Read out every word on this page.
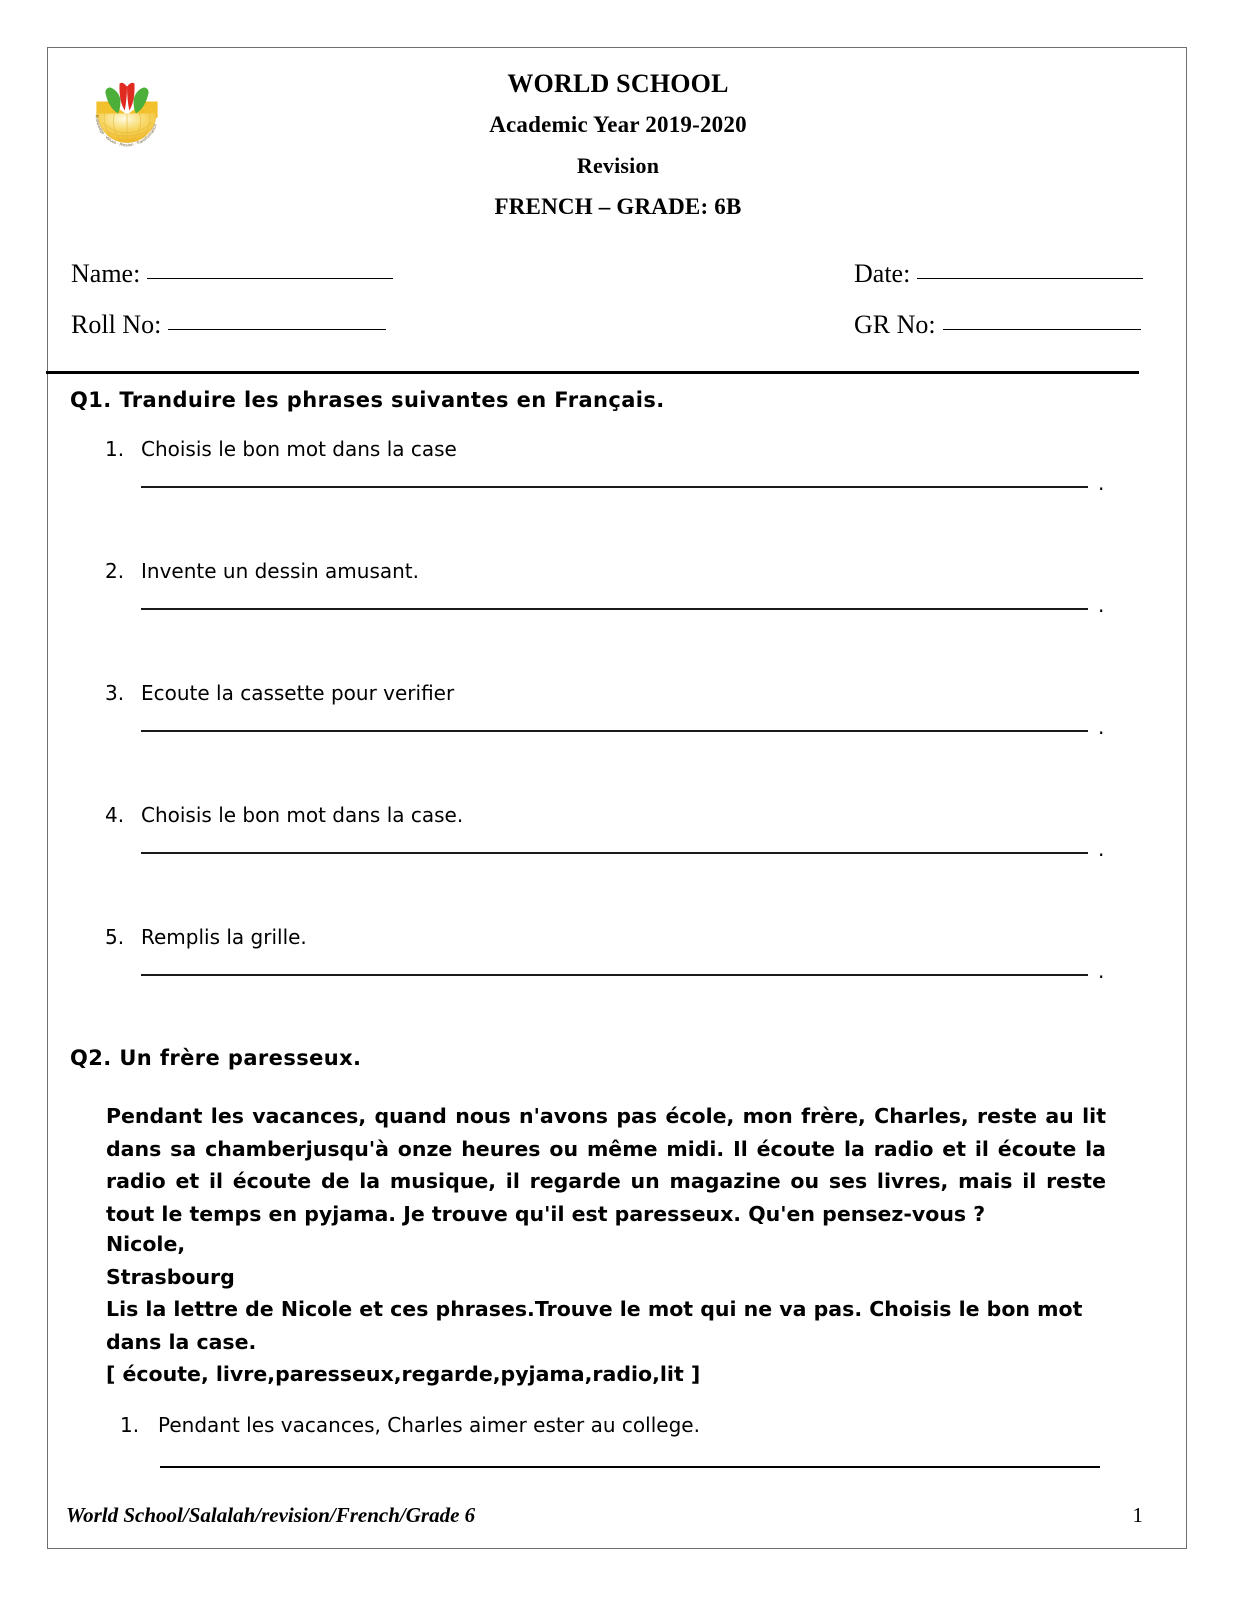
Knowledge · Values · Passion · Transformation
WORLD SCHOOL
Academic Year 2019-2020
Revision
FRENCH – GRADE: 6B
Name:	Date:
Roll No:	GR No:

Q1. Tranduire les phrases suivantes en Français.

1. Choisis le bon mot dans la case
.
2. Invente un dessin amusant.
.
3. Ecoute la cassette pour verifier
.
4. Choisis le bon mot dans la case.
.
5. Remplis la grille.
.
Q2. Un frère paresseux.
Pendant les vacances, quand nous n'avons pas école, mon frère, Charles, reste au lit dans sa chamberjusqu'à onze heures ou même midi. Il écoute la radio et il écoute la radio et il écoute de la musique, il regarde un magazine ou ses livres, mais il reste tout le temps en pyjama. Je trouve qu'il est paresseux. Qu'en pensez-vous ?
Nicole,
Strasbourg
Lis la lettre de Nicole et ces phrases.Trouve le mot qui ne va pas. Choisis le bon mot dans la case.
[ écoute, livre,paresseux,regarde,pyjama,radio,lit ]
1. Pendant les vacances, Charles aimer ester au college.
World School/Salalah/revision/French/Grade 6	1
